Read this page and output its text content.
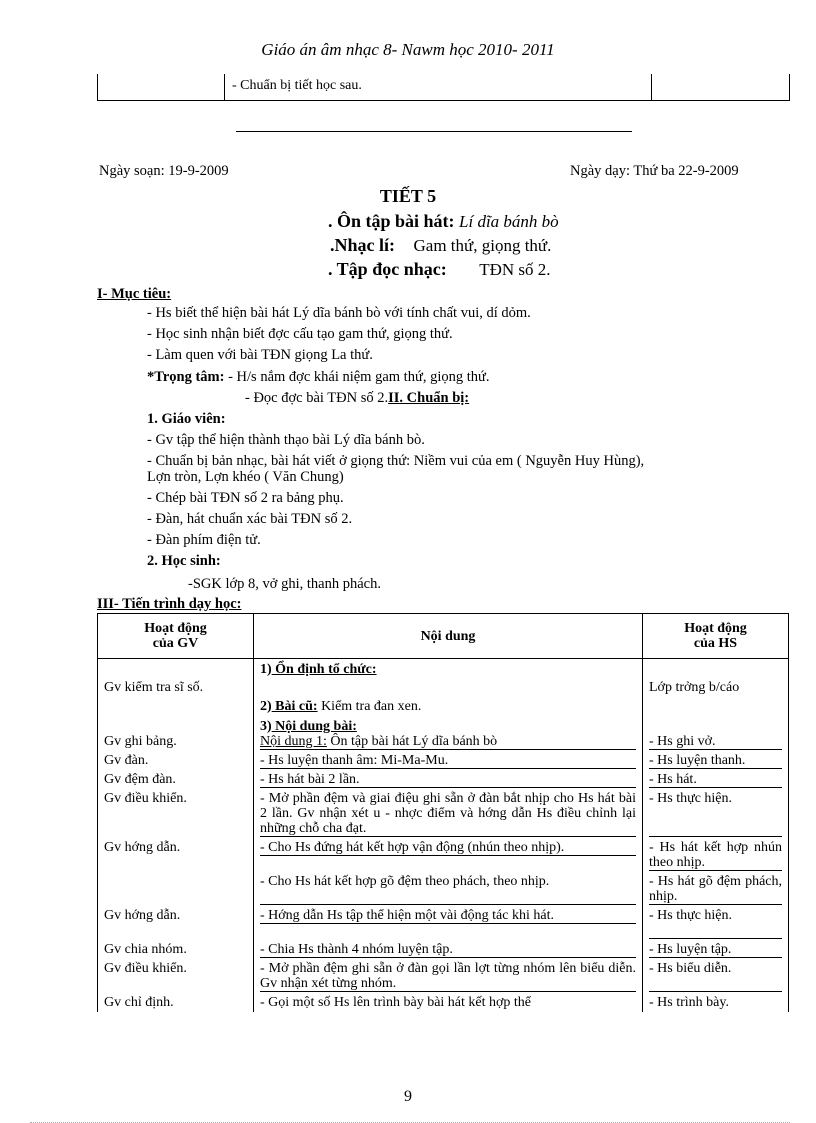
Giáo án âm nhạc 8- Nawm học 2010- 2011
- Chuẩn bị tiết học sau.
Ngày soạn: 19-9-2009	Ngày dạy: Thứ ba 22-9-2009
TIẾT 5
. Ôn tập bài hát: Lí dĩa bánh bò
.Nhạc lí: Gam thứ, giọng thứ.
. Tập đọc nhạc: TĐN số 2.
I- Mục tiêu:
- Hs biết thể hiện bài hát Lý dĩa bánh bò với tính chất vui, dí dỏm.
- Học sinh nhận biết đợc cấu tạo gam thứ, giọng thứ.
- Làm quen với bài TĐN giọng La thứ.
*Trọng tâm: - H/s nắm đợc khái niệm gam thứ, giọng thứ.
- Đọc đợc bài TĐN số 2.II. Chuẩn bị:
1. Giáo viên:
- Gv tập thể hiện thành thạo bài Lý dĩa bánh bò.
- Chuẩn bị bản nhạc, bài hát viết ở giọng thứ: Niềm vui của em ( Nguyễn Huy Hùng),
Lợn tròn, Lợn khéo ( Văn Chung)
- Chép bài TĐN số 2 ra bảng phụ.
- Đàn, hát chuẩn xác bài TĐN số 2.
- Đàn phím điện tử.
2. Học sinh:
-SGK lớp 8, vở ghi, thanh phách.
III- Tiến trình dạy học:
Hoạt động
của GV	Nội dung	Hoạt động
của HS
	1) Ổn định tổ chức:	
Gv kiểm tra sĩ số.		Lớp trởng b/cáo
	2) Bài cũ: Kiểm tra đan xen.	
	3) Nội dung bài:	
Gv ghi bảng.	Nội dung 1: Ôn tập bài hát Lý dĩa bánh bò	- Hs ghi vở.

Gv đàn.	- Hs luyện thanh âm: Mi-Ma-Mu.	- Hs luyện thanh.

Gv đệm đàn.	- Hs hát bài 2 lần.	- Hs hát.

Gv điều khiển.	- Mở phần đệm và giai điệu ghi sẵn ở đàn bắt nhịp cho Hs hát bài 2 lần. Gv nhận xét u - nhợc điểm và hớng dẫn Hs điều chỉnh lại những chỗ cha đạt.	- Hs thực hiện.

Gv hớng dẫn.	- Cho Hs đứng hát kết hợp vận động (nhún theo nhịp).	- Hs hát kết hợp nhún theo nhịp.

	- Cho Hs hát kết hợp gõ đệm theo phách, theo nhịp.	- Hs hát gõ đệm phách, nhịp.

Gv hớng dẫn.	- Hớng dẫn Hs tập thể hiện một vài động tác khi hát.	- Hs thực hiện.

Gv chia nhóm.	- Chia Hs thành 4 nhóm luyện tập.	- Hs luyện tập.

Gv điều khiển.	- Mở phần đệm ghi sẵn ở đàn gọi lần lợt từng nhóm lên biểu diễn. Gv nhận xét từng nhóm.	- Hs biểu diễn.

Gv chỉ định.	- Gọi một số Hs lên trình bày bài hát kết hợp thể	- Hs trình bày.
9
